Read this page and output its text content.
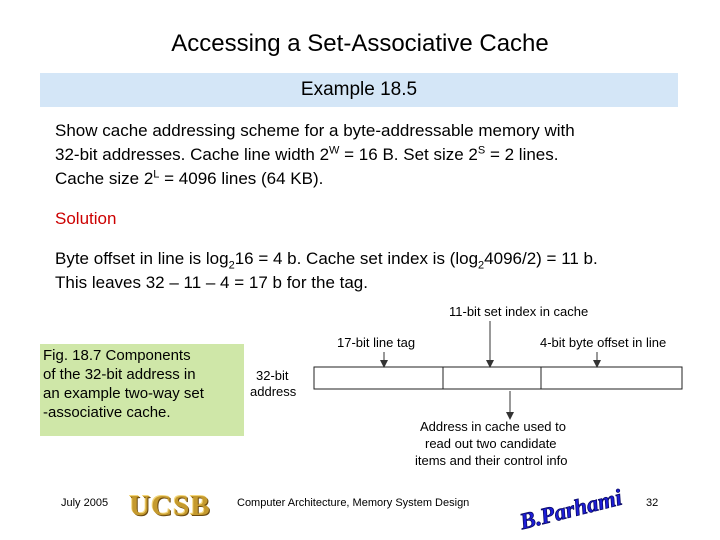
Accessing a Set-Associative Cache
Example 18.5
Show cache addressing scheme for a byte-addressable memory with
32-bit addresses. Cache line width $2^W = 16$ B. Set size $2^S = 2$ lines.
Cache size $2^L = 4096$ lines (64 KB).
Solution
Byte offset in line is $\log_216 = 4$ b. Cache set index is $(\log_24096/2) = 11$ b.
This leaves 32 – 11 – 4 = 17 b for the tag.
Fig. 18.7 Components
of the 32-bit address in
an example two-way set
-associative cache.
11-bit set index in cache
17-bit line tag	4-bit byte offset in line
32-bit
address
Address in cache used to
read out two candidate
items and their control info
July 2005 UCSB	Computer Architecture, Memory System Design B.Parhami 32
